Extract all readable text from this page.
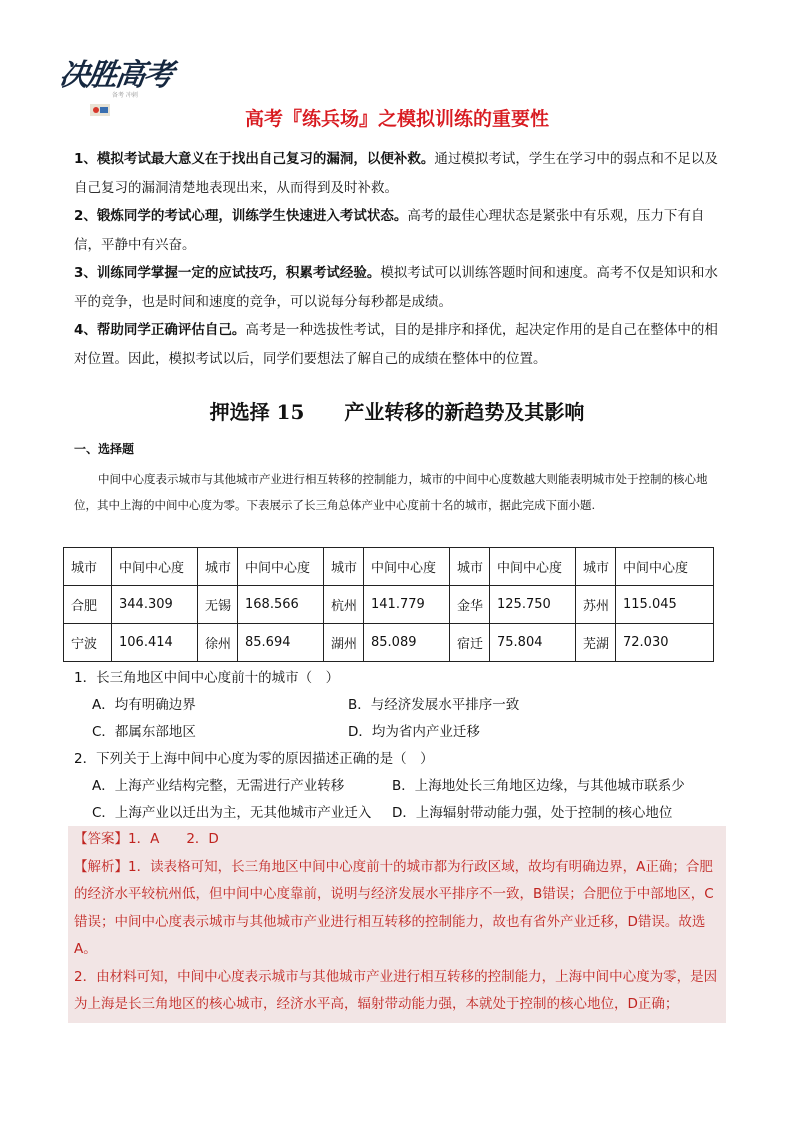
决胜高考
备考 冲刺
高考『练兵场』之模拟训练的重要性

1、模拟考试最大意义在于找出自己复习的漏洞，以便补救。通过模拟考试，学生在学习中的弱点和不足以及自己复习的漏洞清楚地表现出来，从而得到及时补救。

2、锻炼同学的考试心理，训练学生快速进入考试状态。高考的最佳心理状态是紧张中有乐观，压力下有自信，平静中有兴奋。

3、训练同学掌握一定的应试技巧，积累考试经验。模拟考试可以训练答题时间和速度。高考不仅是知识和水平的竞争，也是时间和速度的竞争，可以说每分每秒都是成绩。

4、帮助同学正确评估自己。高考是一种选拔性考试，目的是排序和择优，起决定作用的是自己在整体中的相对位置。因此，模拟考试以后，同学们要想法了解自己的成绩在整体中的位置。

押选择 15 产业转移的新趋势及其影响
一、选择题
中间中心度表示城市与其他城市产业进行相互转移的控制能力，城市的中间中心度数越大则能表明城市处于控制的核心地位，其中上海的中间中心度为零。下表展示了长三角总体产业中心度前十名的城市，据此完成下面小题.
城市	中间中心度	城市	中间中心度	城市	中间中心度	城市	中间中心度	城市	中间中心度
合肥	344.309	无锡	168.566	杭州	141.779	金华	125.750	苏州	115.045
宁波	106.414	徐州	85.694	湖州	85.089	宿迁	75.804	芜湖	72.030

1．长三角地区中间中心度前十的城市（　）

A．均有明确边界	B．与经济发展水平排序一致
C．都属东部地区	D．均为省内产业迁移

2．下列关于上海中间中心度为零的原因描述正确的是（　）

A．上海产业结构完整，无需进行产业转移	B．上海地处长三角地区边缘，与其他城市联系少
C．上海产业以迁出为主，无其他城市产业迁入	D．上海辐射带动能力强，处于控制的核心地位

【答案】1．A　　2．D

【解析】1．读表格可知，长三角地区中间中心度前十的城市都为行政区域，故均有明确边界，A正确；合肥的经济水平较杭州低，但中间中心度靠前，说明与经济发展水平排序不一致，B错误；合肥位于中部地区，C错误；中间中心度表示城市与其他城市产业进行相互转移的控制能力，故也有省外产业迁移，D错误。故选A。

2．由材料可知，中间中心度表示城市与其他城市产业进行相互转移的控制能力，上海中间中心度为零，是因为上海是长三角地区的核心城市，经济水平高，辐射带动能力强，本就处于控制的核心地位，D正确；
